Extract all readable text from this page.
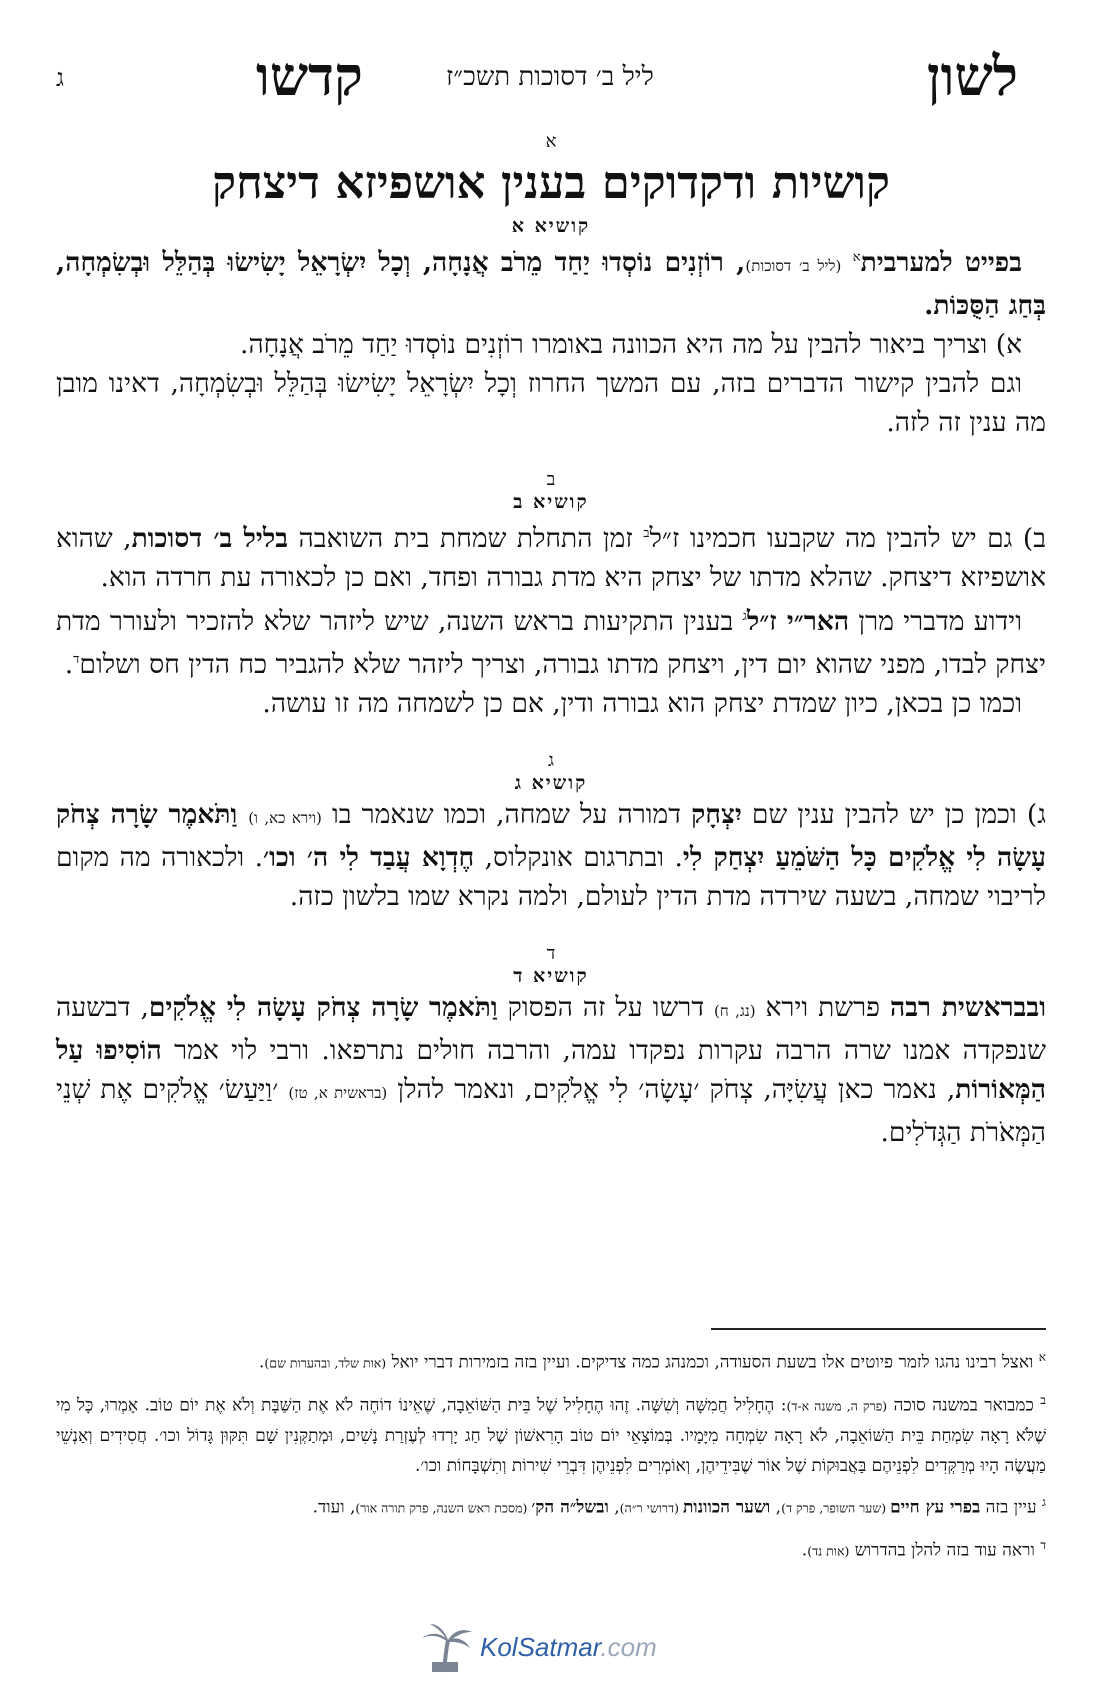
לשון
ליל ב׳ דסוכות תשכ״ז
קדשו
ג
א
קושיות ודקדוקים בענין אושפיזא דיצחק
קושיא א

בפייט למערבית$^א$ (ליל ב׳ דסוכות), רוֹזְנִים נוֹסְדוּ יַחַד מֵרֹב אֲנָחָה, וְכָל יִשְׂרָאֵל יָשִׂישׂוּ בְּהַלֵּל וּבְשִׂמְחָה, בְּחַג הַסֻּכּוֹת.

א) וצריך ביאור להבין על מה היא הכוונה באומרו רוֹזְנִים נוֹסְדוּ יַחַד מֵרֹב אֲנָחָה.

וגם להבין קישור הדברים בזה, עם המשך החרוז וְכָל יִשְׂרָאֵל יָשִׂישׂוּ בְּהַלֵּל וּבְשִׂמְחָה, דאינו מובן מה ענין זה לזה.

ב
קושיא ב

ב) גם יש להבין מה שקבעו חכמינו ז״ל$^ב$ זמן התחלת שמחת בית השואבה בליל ב׳ דסוכות, שהוא אושפיזא דיצחק. שהלא מדתו של יצחק היא מדת גבורה ופחד, ואם כן לכאורה עת חרדה הוא.

וידוע מדברי מרן האר״י ז״ל$^ג$ בענין התקיעות בראש השנה, שיש ליזהר שלא להזכיר ולעורר מדת יצחק לבדו, מפני שהוא יום דין, ויצחק מדתו גבורה, וצריך ליזהר שלא להגביר כח הדין חס ושלום$^ד$.

וכמו כן בכאן, כיון שמדת יצחק הוא גבורה ודין, אם כן לשמחה מה זו עושה.

ג
קושיא ג

ג) וכמן כן יש להבין ענין שם יִצְחָק דמורה על שמחה, וכמו שנאמר בו (וירא כא, ו) וַתֹּאמֶר שָׂרָה צְחֹק עָשָׂה לִי אֱלֹקִים כָּל הַשֹּׁמֵעַ יִצְחַק לִי. ובתרגום אונקלוס, חֶדְוָא עֲבַד לִי ה׳ וכו׳. ולכאורה מה מקום לריבוי שמחה, בשעה שירדה מדת הדין לעולם, ולמה נקרא שמו בלשון כזה.

ד
קושיא ד

ובבראשית רבה פרשת וירא (נג, ח) דרשו על זה הפסוק וַתֹּאמֶר שָׂרָה צְחֹק עָשָׂה לִי אֱלֹקִים, דבשעה שנפקדה אמנו שרה הרבה עקרות נפקדו עמה, והרבה חולים נתרפאו. ורבי לוי אמר הוֹסִיפוּ עַל הַמְּאוֹרוֹת, נאמר כאן עֲשִׂיָּה, צְחֹק ׳עָשָׂה׳ לִי אֱלֹקִים, ונאמר להלן (בראשית א, טז) ׳וַיַּעַשׂ׳ אֱלֹקִים אֶת שְׁנֵי הַמְּאֹרֹת הַגְּדֹלִים.

$^א$ ואצל רבינו נהגו לזמר פיוטים אלו בשעת הסעודה, וכמנהג כמה צדיקים. ועיין בזה בזמירות דברי יואל (אות שלד, ובהערות שם).

$^ב$ כמבואר במשנה סוכה (פרק ה, משנה א-ד): הֶחָלִיל חֲמִשָּׁה וְשִׁשָּׁה. זֶהוּ הֶחָלִיל שֶׁל בֵּית הַשּׁוֹאֵבָה, שֶׁאֵינוֹ דוֹחֶה לֹא אֶת הַשַּׁבָּת וְלֹא אֶת יוֹם טוֹב. אָמְרוּ, כָּל מִי שֶׁלֹּא רָאָה שִׂמְחַת בֵּית הַשּׁוֹאֵבָה, לֹא רָאָה שִׂמְחָה מִיָּמָיו. בְּמוֹצָאֵי יוֹם טוֹב הָרִאשׁוֹן שֶׁל חַג יָרְדוּ לְעֶזְרַת נָשִׁים, וּמְתַקְּנִין שָׁם תִּקּוּן גָּדוֹל וכו׳. חֲסִידִים וְאַנְשֵׁי מַעֲשֶׂה הָיוּ מְרַקְּדִים לִפְנֵיהֶם בַּאֲבוּקוֹת שֶׁל אוֹר שֶׁבִּידֵיהֶן, וְאוֹמְרִים לִפְנֵיהֶן דִּבְרֵי שִׁירוֹת וְתִשְׁבָּחוֹת וכו׳.

$^ג$ עיין בזה בפרי עץ חיים (שער השופר, פרק ד), ושער הכוונות (דרושי ר״ה), ובשל״ה הק׳ (מסכת ראש השנה, פרק תורה אור), ועוד.

$^ד$ וראה עוד בזה להלן בהדרוש (אות נד).

KolSatmar.com
